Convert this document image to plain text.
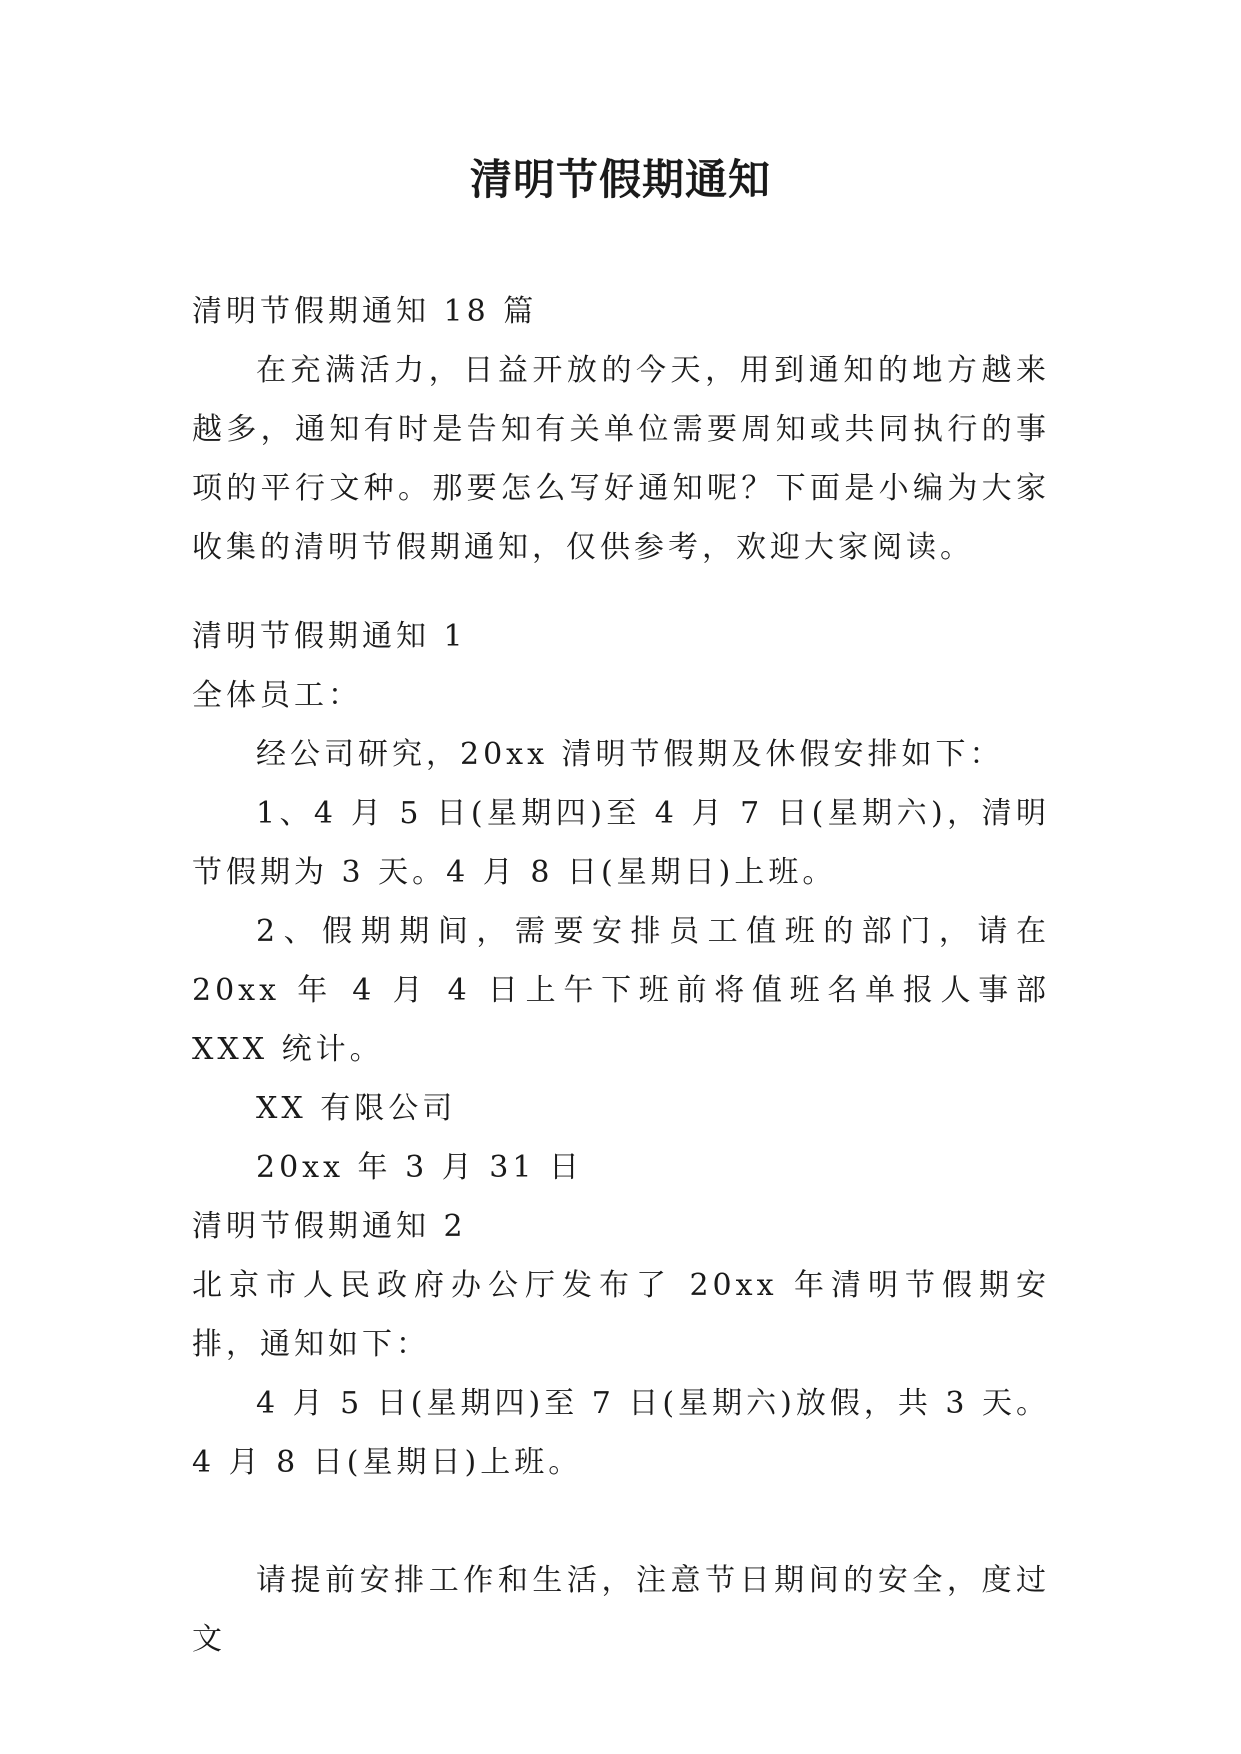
清明节假期通知

清明节假期通知 18 篇

在充满活力，日益开放的今天，用到通知的地方越来越多，通知有时是告知有关单位需要周知或共同执行的事项的平行文种。那要怎么写好通知呢？下面是小编为大家收集的清明节假期通知，仅供参考，欢迎大家阅读。

清明节假期通知 1

全体员工：

经公司研究，20xx 清明节假期及休假安排如下：

1、4 月 5 日(星期四)至 4 月 7 日(星期六)，清明节假期为 3 天。4 月 8 日(星期日)上班。

2、假期期间，需要安排员工值班的部门，请在 20xx 年 4 月 4 日上午下班前将值班名单报人事部 XXX 统计。

XX 有限公司

20xx 年 3 月 31 日

清明节假期通知 2

北京市人民政府办公厅发布了 20xx 年清明节假期安排，通知如下：

4 月 5 日(星期四)至 7 日(星期六)放假，共 3 天。4 月 8 日(星期日)上班。

请提前安排工作和生活，注意节日期间的安全，度过文
